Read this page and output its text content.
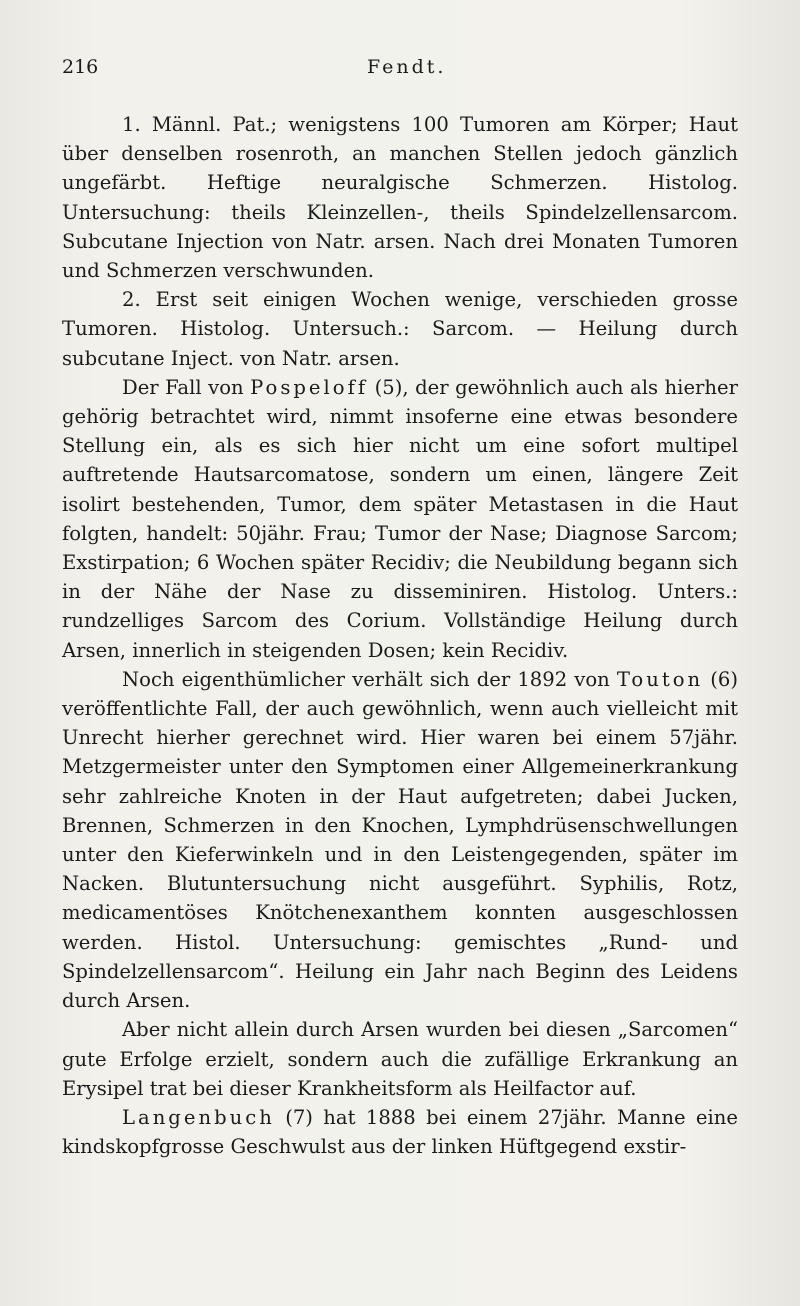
216	Fendt.

1. Männl. Pat.; wenigstens 100 Tumoren am Körper; Haut über denselben rosenroth, an manchen Stellen jedoch gänzlich ungefärbt. Heftige neuralgische Schmerzen. Histolog. Untersuchung: theils Kleinzellen-, theils Spindelzellensarcom. Subcutane Injection von Natr. arsen. Nach drei Monaten Tumoren und Schmerzen verschwunden.

2. Erst seit einigen Wochen wenige, verschieden grosse Tumoren. Histolog. Untersuch.: Sarcom. — Heilung durch subcutane Inject. von Natr. arsen.

Der Fall von Pospeloff (5), der gewöhnlich auch als hierher gehörig betrachtet wird, nimmt insoferne eine etwas besondere Stellung ein, als es sich hier nicht um eine sofort multipel auftretende Hautsarcomatose, sondern um einen, längere Zeit isolirt bestehenden, Tumor, dem später Metastasen in die Haut folgten, handelt: 50jähr. Frau; Tumor der Nase; Diagnose Sarcom; Exstirpation; 6 Wochen später Recidiv; die Neubildung begann sich in der Nähe der Nase zu disseminiren. Histolog. Unters.: rundzelliges Sarcom des Corium. Vollständige Heilung durch Arsen, innerlich in steigenden Dosen; kein Recidiv.

Noch eigenthümlicher verhält sich der 1892 von Touton (6) veröffentlichte Fall, der auch gewöhnlich, wenn auch vielleicht mit Unrecht hierher gerechnet wird. Hier waren bei einem 57jähr. Metzgermeister unter den Symptomen einer Allgemeinerkrankung sehr zahlreiche Knoten in der Haut aufgetreten; dabei Jucken, Brennen, Schmerzen in den Knochen, Lymphdrüsenschwellungen unter den Kieferwinkeln und in den Leistengegenden, später im Nacken. Blutuntersuchung nicht ausgeführt. Syphilis, Rotz, medicamentöses Knötchenexanthem konnten ausgeschlossen werden. Histol. Untersuchung: gemischtes „Rund- und Spindelzellensarcom“. Heilung ein Jahr nach Beginn des Leidens durch Arsen.

Aber nicht allein durch Arsen wurden bei diesen „Sarcomen“ gute Erfolge erzielt, sondern auch die zufällige Erkrankung an Erysipel trat bei dieser Krankheitsform als Heilfactor auf.

Langenbuch (7) hat 1888 bei einem 27jähr. Manne eine kindskopfgrosse Geschwulst aus der linken Hüftgegend exstir-
